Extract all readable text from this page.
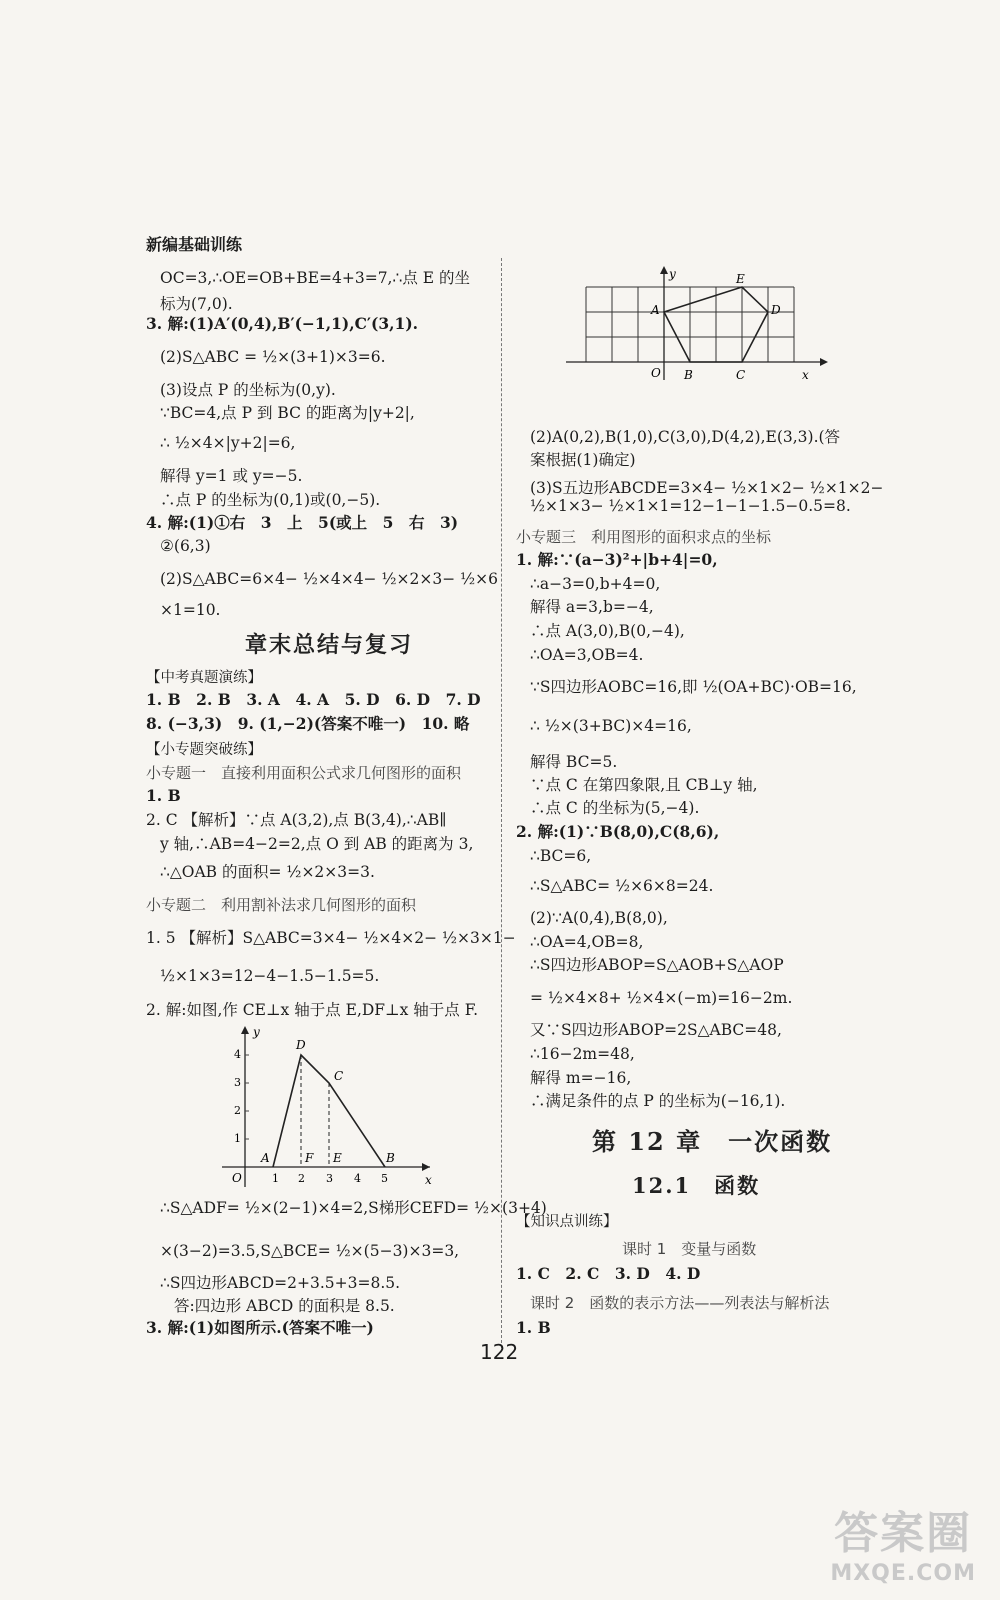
新编基础训练
OC=3,∴OE=OB+BE=4+3=7,∴点 E 的坐
标为(7,0).
3. 解:(1)A′(0,4),B′(−1,1),C′(3,1).
(2)S△ABC = ½×(3+1)×3=6.
(3)设点 P 的坐标为(0,y).
∵BC=4,点 P 到 BC 的距离为|y+2|,
∴ ½×4×|y+2|=6,
解得 y=1 或 y=−5.
∴点 P 的坐标为(0,1)或(0,−5).
4. 解:(1)①右　3　上　5(或上　5　右　3)
②(6,3)
(2)S△ABC=6×4− ½×4×4− ½×2×3− ½×6
×1=10.
章末总结与复习
【中考真题演练】
1. B　2. B　3. A　4. A　5. D　6. D　7. D
8. (−3,3)　9. (1,−2)(答案不唯一)　10. 略
【小专题突破练】
小专题一　直接利用面积公式求几何图形的面积
1. B
2. C 【解析】∵点 A(3,2),点 B(3,4),∴AB∥
y 轴,∴AB=4−2=2,点 O 到 AB 的距离为 3,
∴△OAB 的面积= ½×2×3=3.
小专题二　利用割补法求几何图形的面积
1. 5 【解析】S△ABC=3×4− ½×4×2− ½×3×1−
½×1×3=12−4−1.5−1.5=5.
2. 解:如图,作 CE⊥x 轴于点 E,DF⊥x 轴于点 F.
x
y
O	1 2 3 4 5
1
2
3
4
A
D
C
B
F E
∴S△ADF= ½×(2−1)×4=2,S梯形CEFD= ½×(3+4)
×(3−2)=3.5,S△BCE= ½×(5−3)×3=3,
∴S四边形ABCD=2+3.5+3=8.5.
答:四边形 ABCD 的面积是 8.5.
3. 解:(1)如图所示.(答案不唯一)
y
x
O
A
E
D
B	C
(2)A(0,2),B(1,0),C(3,0),D(4,2),E(3,3).(答
案根据(1)确定)
(3)S五边形ABCDE=3×4− ½×1×2− ½×1×2−
½×1×3− ½×1×1=12−1−1−1.5−0.5=8.
小专题三　利用图形的面积求点的坐标
1. 解:∵(a−3)²+|b+4|=0,
∴a−3=0,b+4=0,
解得 a=3,b=−4,
∴点 A(3,0),B(0,−4),
∴OA=3,OB=4.
∵S四边形AOBC=16,即 ½(OA+BC)·OB=16,
∴ ½×(3+BC)×4=16,
解得 BC=5.
∵点 C 在第四象限,且 CB⊥y 轴,
∴点 C 的坐标为(5,−4).
2. 解:(1)∵B(8,0),C(8,6),
∴BC=6,
∴S△ABC= ½×6×8=24.
(2)∵A(0,4),B(8,0),
∴OA=4,OB=8,
∴S四边形ABOP=S△AOB+S△AOP
= ½×4×8+ ½×4×(−m)=16−2m.
又∵S四边形ABOP=2S△ABC=48,
∴16−2m=48,
解得 m=−16,
∴满足条件的点 P 的坐标为(−16,1).
第 12 章　一次函数
12.1　函数
【知识点训练】
课时 1　变量与函数
1. C　2. C　3. D　4. D
课时 2　函数的表示方法——列表法与解析法
1. B
122
答案圈
MXQE.COM
